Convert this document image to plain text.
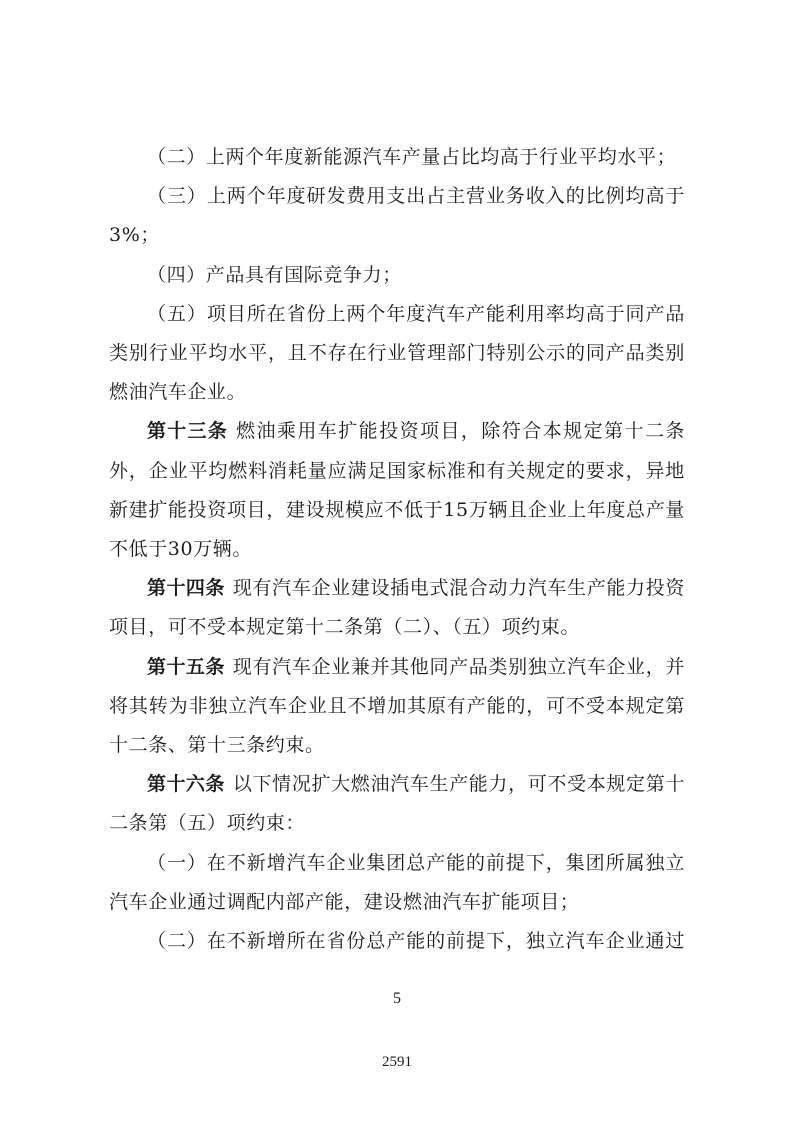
（二）上两个年度新能源汽车产量占比均高于行业平均水平；

（三）上两个年度研发费用支出占主营业务收入的比例均高于3%；

（四）产品具有国际竞争力；

（五）项目所在省份上两个年度汽车产能利用率均高于同产品类别行业平均水平，且不存在行业管理部门特别公示的同产品类别燃油汽车企业。

第十三条 燃油乘用车扩能投资项目，除符合本规定第十二条外，企业平均燃料消耗量应满足国家标准和有关规定的要求，异地新建扩能投资项目，建设规模应不低于15万辆且企业上年度总产量不低于30万辆。

第十四条 现有汽车企业建设插电式混合动力汽车生产能力投资项目，可不受本规定第十二条第（二）、（五）项约束。

第十五条 现有汽车企业兼并其他同产品类别独立汽车企业，并将其转为非独立汽车企业且不增加其原有产能的，可不受本规定第十二条、第十三条约束。

第十六条 以下情况扩大燃油汽车生产能力，可不受本规定第十二条第（五）项约束：

（一）在不新增汽车企业集团总产能的前提下，集团所属独立汽车企业通过调配内部产能，建设燃油汽车扩能项目；

（二）在不新增所在省份总产能的前提下，独立汽车企业通过

5
2591
